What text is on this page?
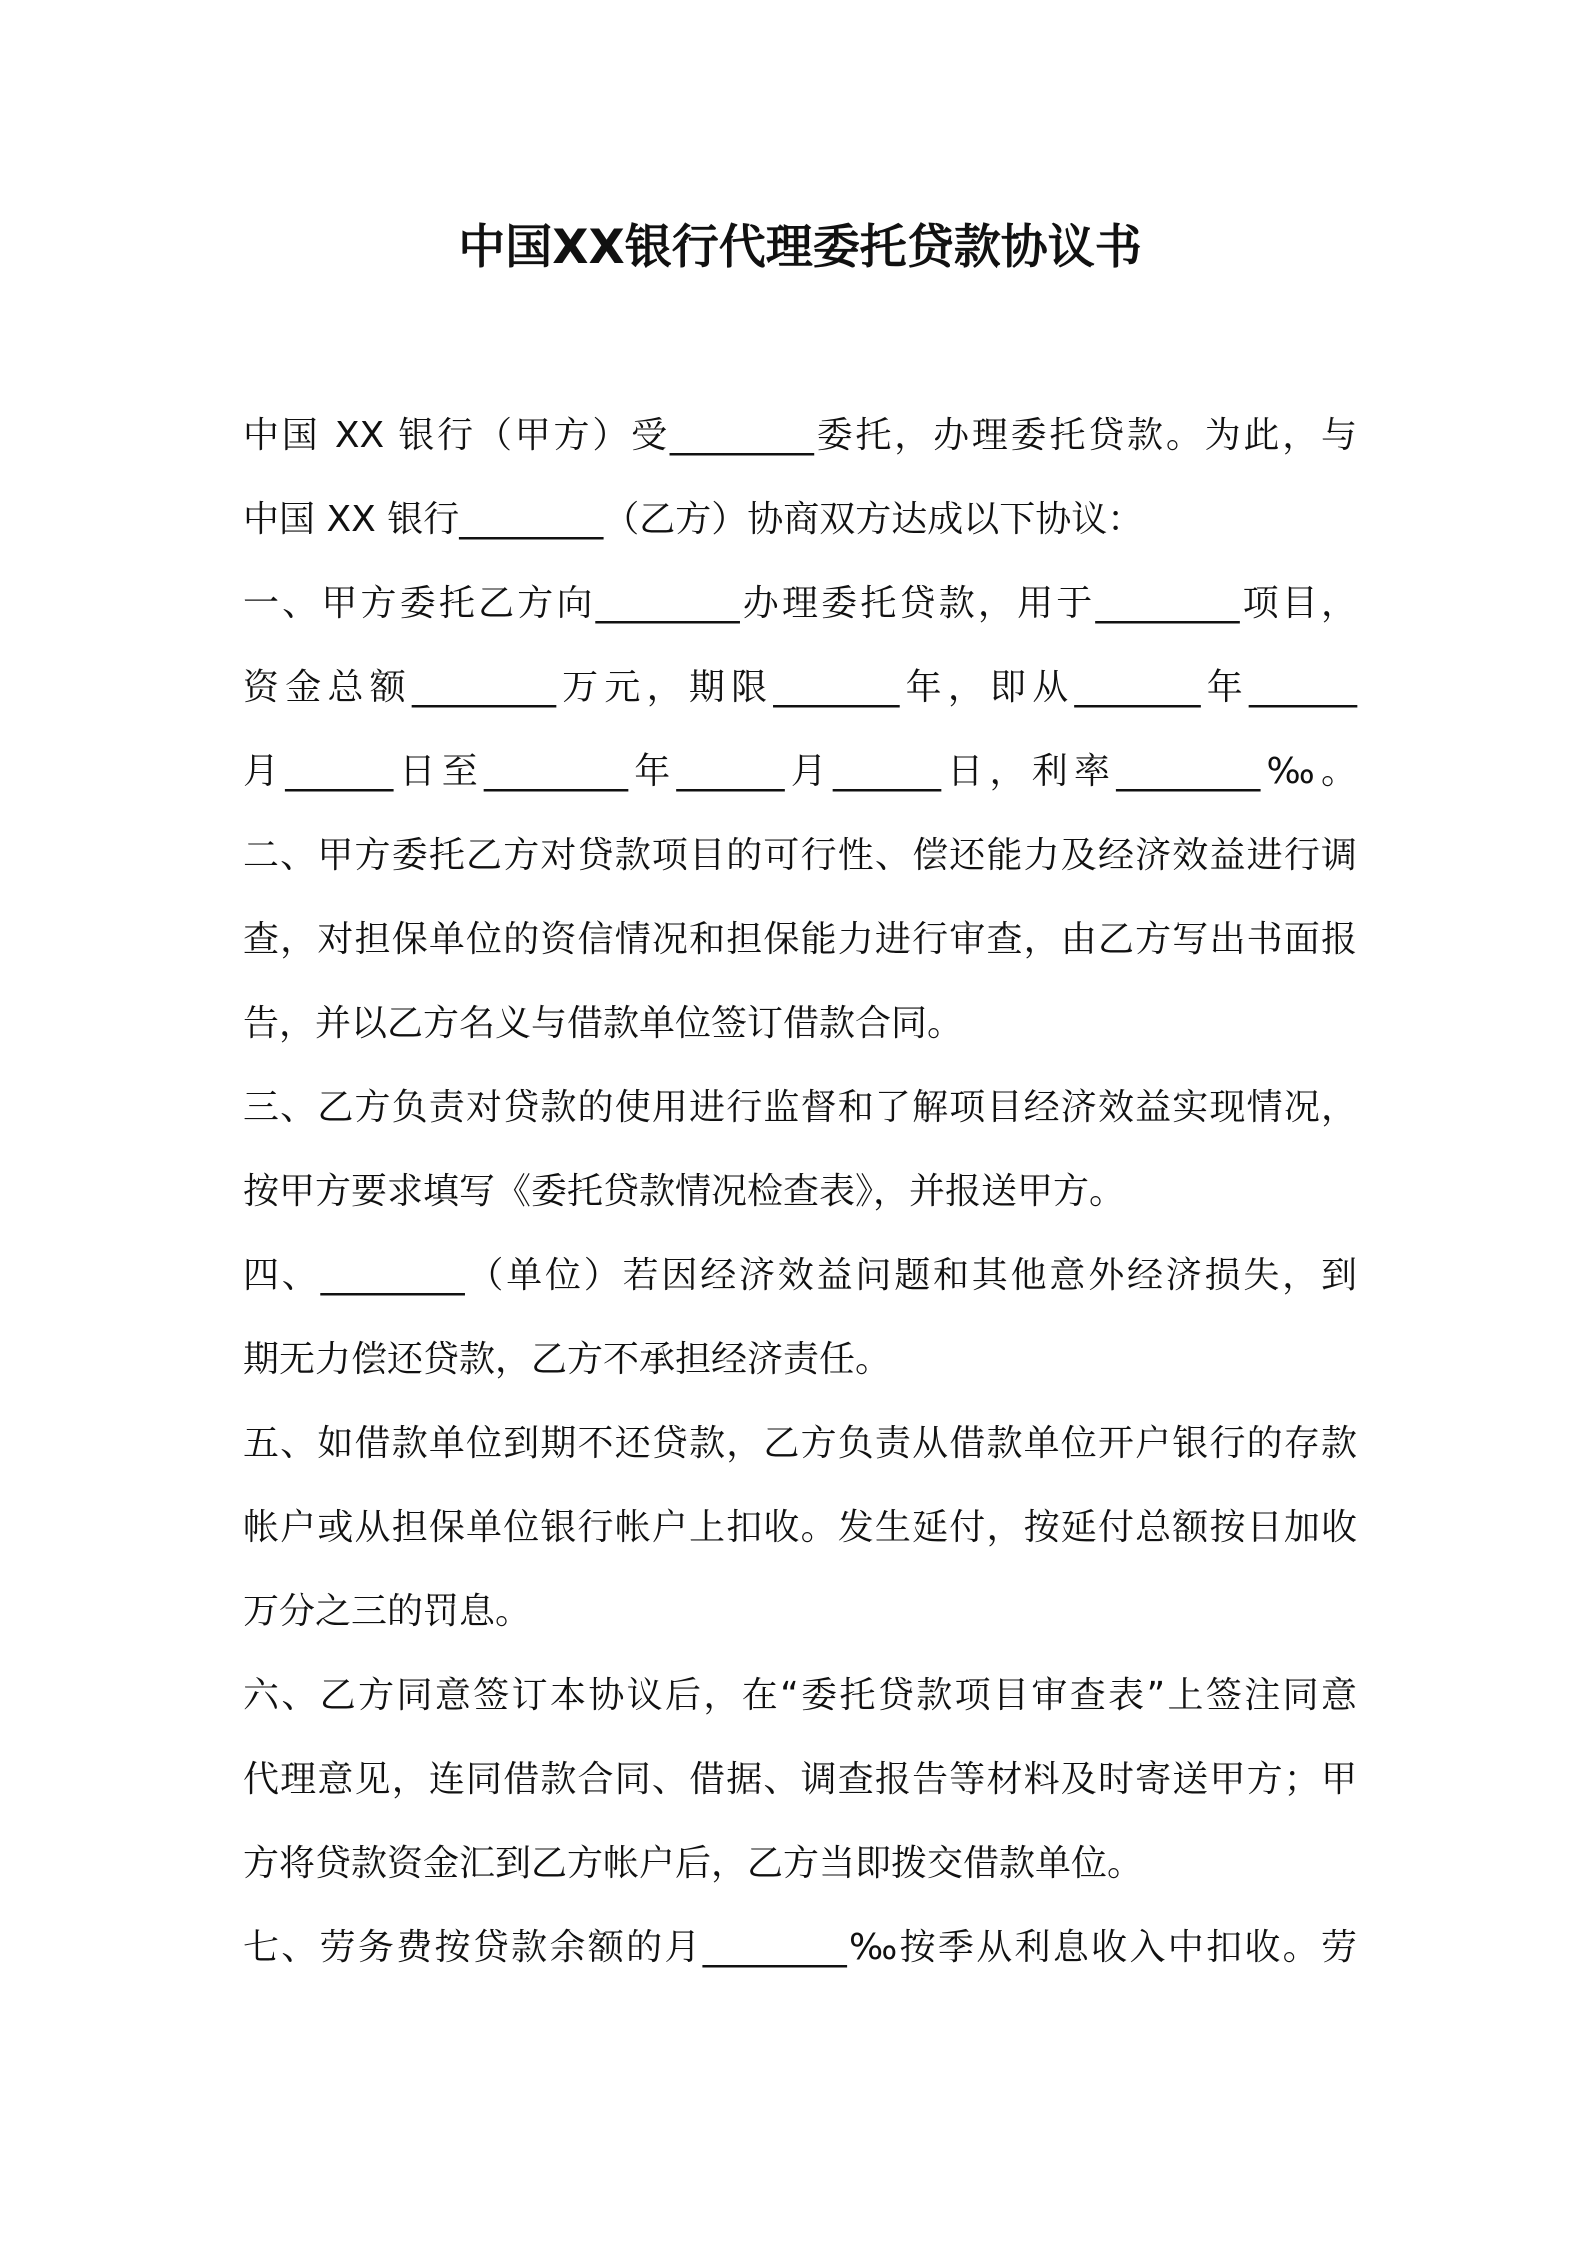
中国XX银行代理委托贷款协议书
中国 XX 银行（甲方）受________委托，办理委托贷款。为此，与
中国 XX 银行________（乙方）协商双方达成以下协议：
一、甲方委托乙方向________办理委托贷款，用于________项目，
资金总额________万元，期限_______年，即从_______年______
月______日至________年______月______日，利率________‰。
二、甲方委托乙方对贷款项目的可行性、偿还能力及经济效益进行调
查，对担保单位的资信情况和担保能力进行审查，由乙方写出书面报
告，并以乙方名义与借款单位签订借款合同。
三、乙方负责对贷款的使用进行监督和了解项目经济效益实现情况，
按甲方要求填写《委托贷款情况检查表》，并报送甲方。
四、________（单位）若因经济效益问题和其他意外经济损失，到
期无力偿还贷款，乙方不承担经济责任。
五、如借款单位到期不还贷款，乙方负责从借款单位开户银行的存款
帐户或从担保单位银行帐户上扣收。发生延付，按延付总额按日加收
万分之三的罚息。
六、乙方同意签订本协议后，在“委托贷款项目审查表”上签注同意
代理意见，连同借款合同、借据、调查报告等材料及时寄送甲方；甲
方将贷款资金汇到乙方帐户后，乙方当即拨交借款单位。
七、劳务费按贷款余额的月________‰按季从利息收入中扣收。劳
